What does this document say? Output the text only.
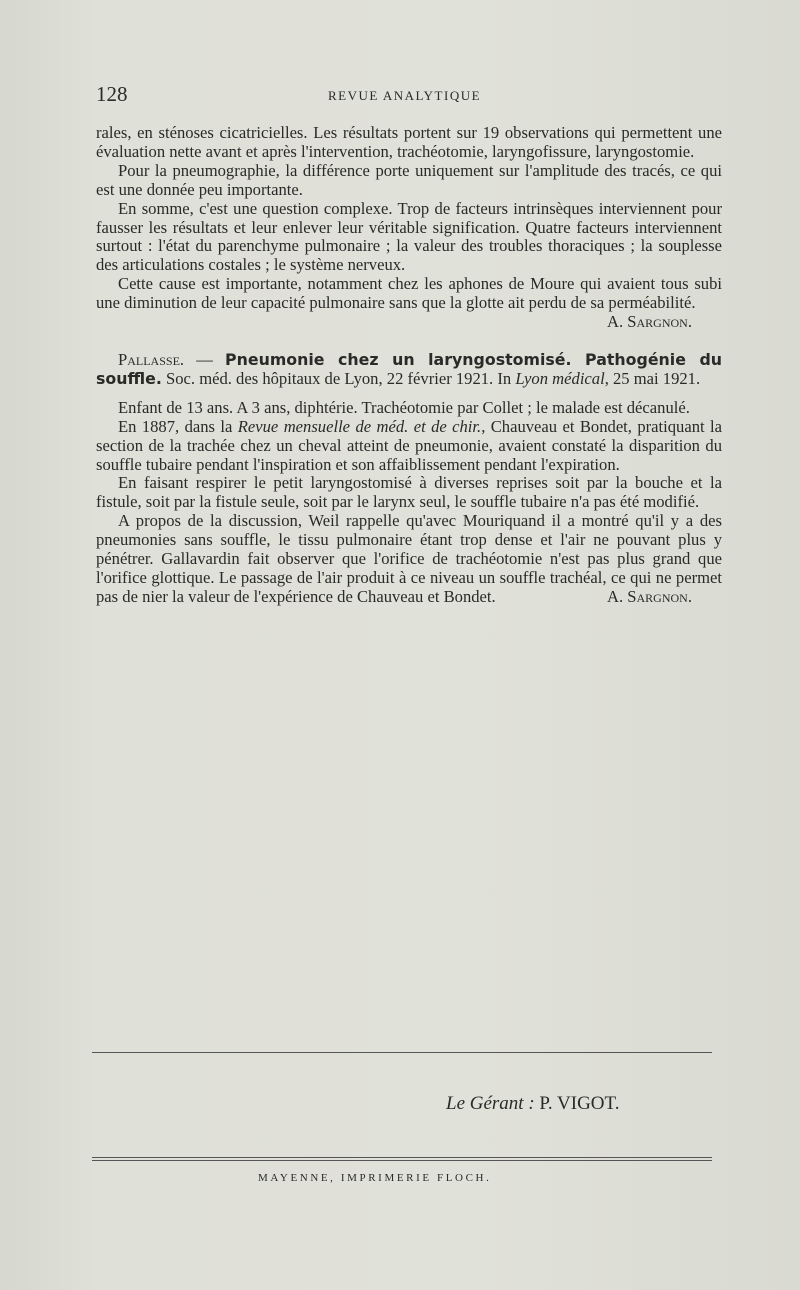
128	REVUE ANALYTIQUE

rales, en sténoses cicatricielles. Les résultats portent sur 19 observations qui permettent une évaluation nette avant et après l'intervention, trachéotomie, laryngofissure, laryngostomie.

Pour la pneumographie, la différence porte uniquement sur l'amplitude des tracés, ce qui est une donnée peu importante.

En somme, c'est une question complexe. Trop de facteurs intrinsèques interviennent pour fausser les résultats et leur enlever leur véritable signification. Quatre facteurs interviennent surtout : l'état du parenchyme pulmonaire ; la valeur des troubles thoraciques ; la souplesse des articulations costales ; le système nerveux.

Cette cause est importante, notamment chez les aphones de Moure qui avaient tous subi une diminution de leur capacité pulmonaire sans que la glotte ait perdu de sa perméabilité.
A. Sargnon.

Pallasse. — Pneumonie chez un laryngostomisé. Pathogénie du souffle. Soc. méd. des hôpitaux de Lyon, 22 février 1921. In Lyon médical, 25 mai 1921.

Enfant de 13 ans. A 3 ans, diphtérie. Trachéotomie par Collet ; le malade est décanulé.

En 1887, dans la Revue mensuelle de méd. et de chir., Chauveau et Bondet, pratiquant la section de la trachée chez un cheval atteint de pneumonie, avaient constaté la disparition du souffle tubaire pendant l'inspiration et son affaiblissement pendant l'expiration.

En faisant respirer le petit laryngostomisé à diverses reprises soit par la bouche et la fistule, soit par la fistule seule, soit par le larynx seul, le souffle tubaire n'a pas été modifié.

A propos de la discussion, Weil rappelle qu'avec Mouriquand il a montré qu'il y a des pneumonies sans souffle, le tissu pulmonaire étant trop dense et l'air ne pouvant plus y pénétrer. Gallavardin fait observer que l'orifice de trachéotomie n'est pas plus grand que l'orifice glottique. Le passage de l'air produit à ce niveau un souffle trachéal, ce qui ne permet pas de nier la valeur de l'expérience de Chauveau et Bondet.	A. Sargnon.

Le Gérant : P. VIGOT.
MAYENNE, IMPRIMERIE FLOCH.
